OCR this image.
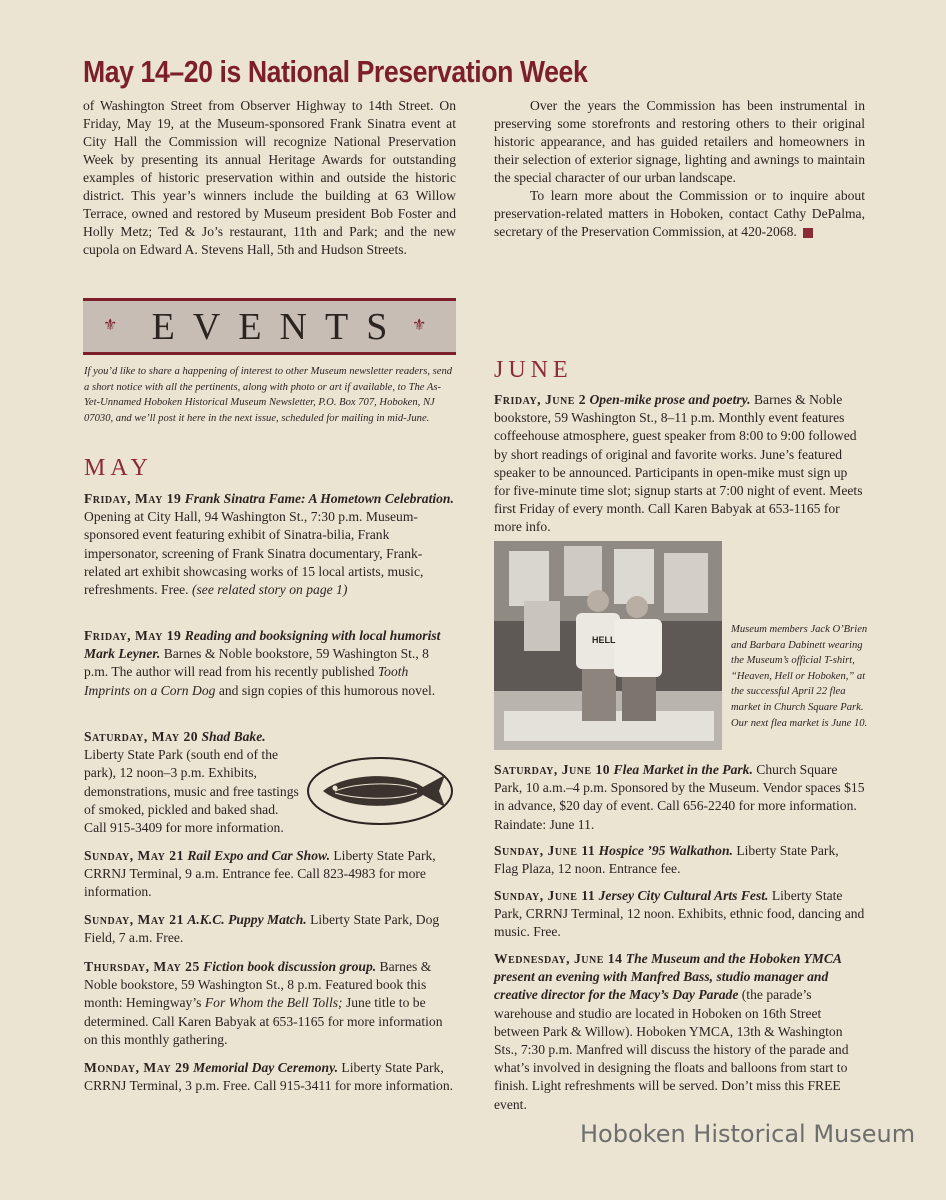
May 14–20 is National Preservation Week

of Washington Street from Observer Highway to 14th Street. On Friday, May 19, at the Museum-sponsored Frank Sinatra event at City Hall the Commission will recognize National Preservation Week by presenting its annual Heritage Awards for outstanding examples of historic preservation within and outside the historic district. This year’s winners include the building at 63 Willow Terrace, owned and restored by Museum president Bob Foster and Holly Metz; Ted & Jo’s restaurant, 11th and Park; and the new cupola on Edward A. Stevens Hall, 5th and Hudson Streets.

Over the years the Commission has been instrumental in preserving some storefronts and restoring others to their original historic appearance, and has guided retailers and homeowners in their selection of exterior signage, lighting and awnings to maintain the special character of our urban landscape.

To learn more about the Commission or to inquire about preservation-related matters in Hoboken, contact Cathy DePalma, secretary of the Preservation Commission, at 420-2068.

⚜ EVENTS ⚜
If you’d like to share a happening of interest to other Museum newsletter readers, send a short notice with all the pertinents, along with photo or art if available, to The As-Yet-Unnamed Hoboken Historical Museum Newsletter, P.O. Box 707, Hoboken, NJ 07030, and we’ll post it here in the next issue, scheduled for mailing in mid-June.
MAY
Friday, May 19 Frank Sinatra Fame: A Hometown Celebration. Opening at City Hall, 94 Washington St., 7:30 p.m. Museum-sponsored event featuring exhibit of Sinatra-bilia, Frank impersonator, screening of Frank Sinatra documentary, Frank-related art exhibit showcasing works of 15 local artists, music, refreshments. Free. (see related story on page 1)
Friday, May 19 Reading and booksigning with local humorist Mark Leyner. Barnes & Noble bookstore, 59 Washington St., 8 p.m. The author will read from his recently published Tooth Imprints on a Corn Dog and sign copies of this humorous novel.
Saturday, May 20 Shad Bake. Liberty State Park (south end of the park), 12 noon–3 p.m. Exhibits, demonstrations, music and free tastings of smoked, pickled and baked shad. Call 915-3409 for more information.
Sunday, May 21 Rail Expo and Car Show. Liberty State Park, CRRNJ Terminal, 9 a.m. Entrance fee. Call 823-4983 for more information.
Sunday, May 21 A.K.C. Puppy Match. Liberty State Park, Dog Field, 7 a.m. Free.
Thursday, May 25 Fiction book discussion group. Barnes & Noble bookstore, 59 Washington St., 8 p.m. Featured book this month: Hemingway’s For Whom the Bell Tolls; June title to be determined. Call Karen Babyak at 653-1165 for more information on this monthly gathering.
Monday, May 29 Memorial Day Ceremony. Liberty State Park, CRRNJ Terminal, 3 p.m. Free. Call 915-3411 for more information.
JUNE
Friday, June 2 Open-mike prose and poetry. Barnes & Noble bookstore, 59 Washington St., 8–11 p.m. Monthly event features coffeehouse atmosphere, guest speaker from 8:00 to 9:00 followed by short readings of original and favorite works. June’s featured speaker to be announced. Participants in open-mike must sign up for five-minute time slot; signup starts at 7:00 night of event. Meets first Friday of every month. Call Karen Babyak at 653-1165 for more info.
HELL
Museum members Jack O’Brien and Barbara Dabinett wearing the Museum’s official T-shirt, “Heaven, Hell or Hoboken,” at the successful April 22 flea market in Church Square Park. Our next flea market is June 10.
Saturday, June 10 Flea Market in the Park. Church Square Park, 10 a.m.–4 p.m. Sponsored by the Museum. Vendor spaces $15 in advance, $20 day of event. Call 656-2240 for more information. Raindate: June 11.
Sunday, June 11 Hospice ’95 Walkathon. Liberty State Park, Flag Plaza, 12 noon. Entrance fee.
Sunday, June 11 Jersey City Cultural Arts Fest. Liberty State Park, CRRNJ Terminal, 12 noon. Exhibits, ethnic food, dancing and music. Free.
Wednesday, June 14 The Museum and the Hoboken YMCA present an evening with Manfred Bass, studio manager and creative director for the Macy’s Day Parade (the parade’s warehouse and studio are located in Hoboken on 16th Street between Park & Willow). Hoboken YMCA, 13th & Washington Sts., 7:30 p.m. Manfred will discuss the history of the parade and what’s involved in designing the floats and balloons from start to finish. Light refreshments will be served. Don’t miss this FREE event.
Hoboken Historical Museum
